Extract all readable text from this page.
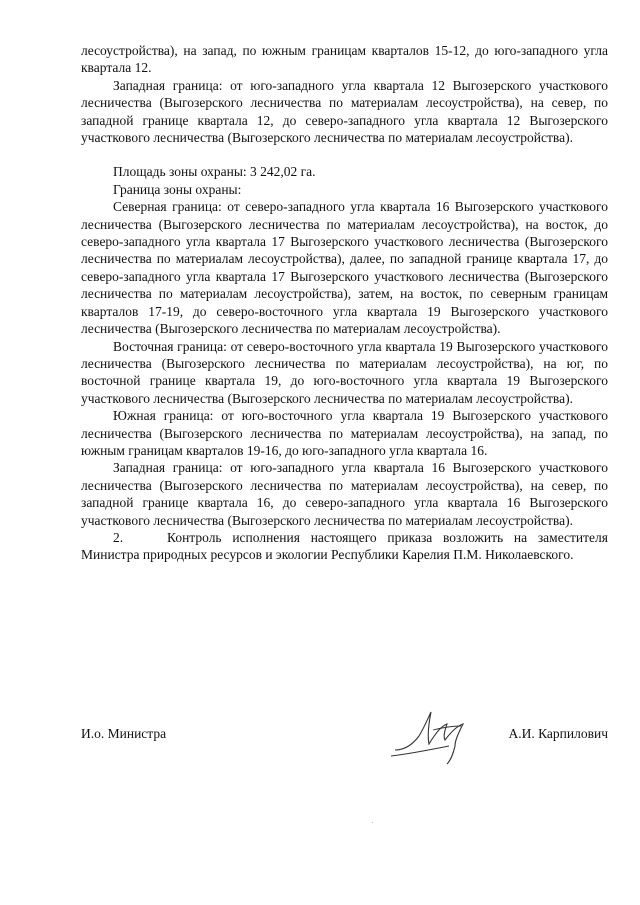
лесоустройства), на запад, по южным границам кварталов 15-12, до юго-западного угла квартала 12.

Западная граница: от юго-западного угла квартала 12 Выгозерского участкового лесничества (Выгозерского лесничества по материалам лесоустройства), на север, по западной границе квартала 12, до северо-западного угла квартала 12 Выгозерского участкового лесничества (Выгозерского лесничества по материалам лесоустройства).

Площадь зоны охраны: 3 242,02 га.

Граница зоны охраны:

Северная граница: от северо-западного угла квартала 16 Выгозерского участкового лесничества (Выгозерского лесничества по материалам лесоустройства), на восток, до северо-западного угла квартала 17 Выгозерского участкового лесничества (Выгозерского лесничества по материалам лесоустройства), далее, по западной границе квартала 17, до северо-западного угла квартала 17 Выгозерского участкового лесничества (Выгозерского лесничества по материалам лесоустройства), затем, на восток, по северным границам кварталов 17-19, до северо-восточного угла квартала 19 Выгозерского участкового лесничества (Выгозерского лесничества по материалам лесоустройства).

Восточная граница: от северо-восточного угла квартала 19 Выгозерского участкового лесничества (Выгозерского лесничества по материалам лесоустройства), на юг, по восточной границе квартала 19, до юго-восточного угла квартала 19 Выгозерского участкового лесничества (Выгозерского лесничества по материалам лесоустройства).

Южная граница: от юго-восточного угла квартала 19 Выгозерского участкового лесничества (Выгозерского лесничества по материалам лесоустройства), на запад, по южным границам кварталов 19-16, до юго-западного угла квартала 16.

Западная граница: от юго-западного угла квартала 16 Выгозерского участкового лесничества (Выгозерского лесничества по материалам лесоустройства), на север, по западной границе квартала 16, до северо-западного угла квартала 16 Выгозерского участкового лесничества (Выгозерского лесничества по материалам лесоустройства).

2.	Контроль исполнения настоящего приказа возложить на заместителя Министра природных ресурсов и экологии Республики Карелия П.М. Николаевского.

И.о. Министра	А.И. Карпилович
